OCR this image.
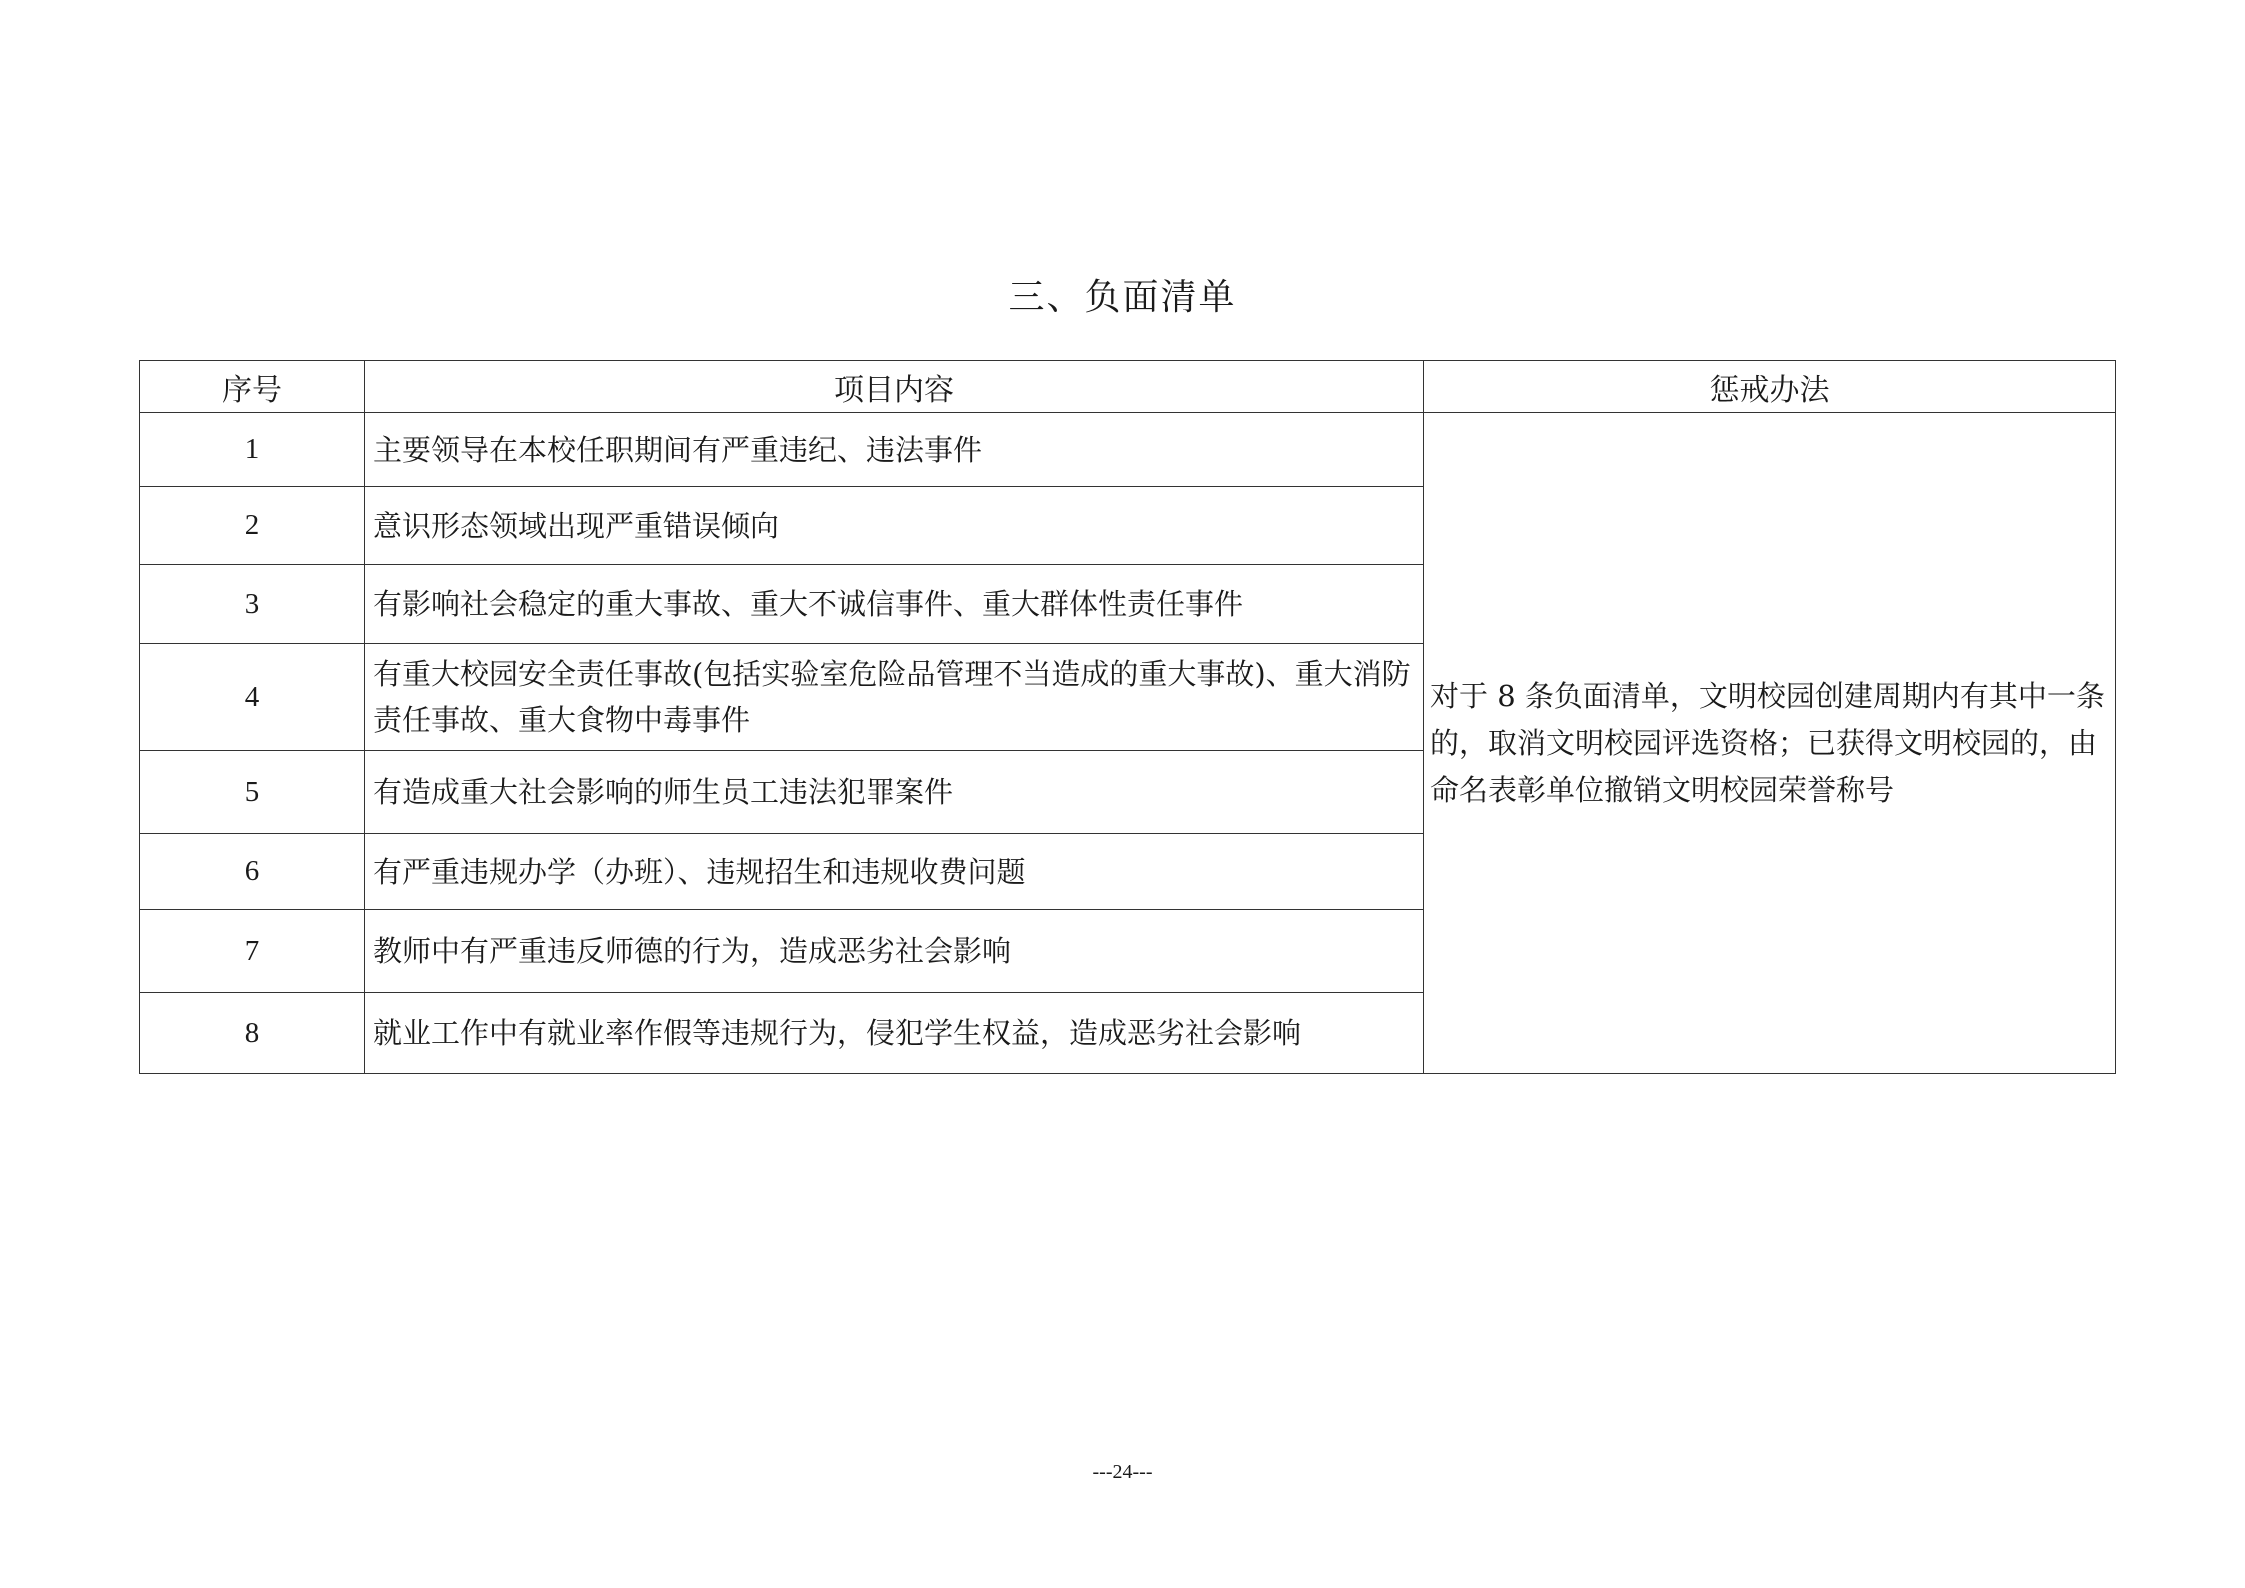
三、负面清单
序号	项目内容	惩戒办法
1	主要领导在本校任职期间有严重违纪、违法事件	对于 8 条负面清单，文明校园创建周期内有其中一条的，取消文明校园评选资格；已获得文明校园的，由命名表彰单位撤销文明校园荣誉称号
2	意识形态领域出现严重错误倾向	
3	有影响社会稳定的重大事故、重大不诚信事件、重大群体性责任事件	
4	有重大校园安全责任事故(包括实验室危险品管理不当造成的重大事故)、重大消防责任事故、重大食物中毒事件	
5	有造成重大社会影响的师生员工违法犯罪案件	
6	有严重违规办学（办班）、违规招生和违规收费问题	
7	教师中有严重违反师德的行为，造成恶劣社会影响	
8	就业工作中有就业率作假等违规行为，侵犯学生权益，造成恶劣社会影响	
---24---
